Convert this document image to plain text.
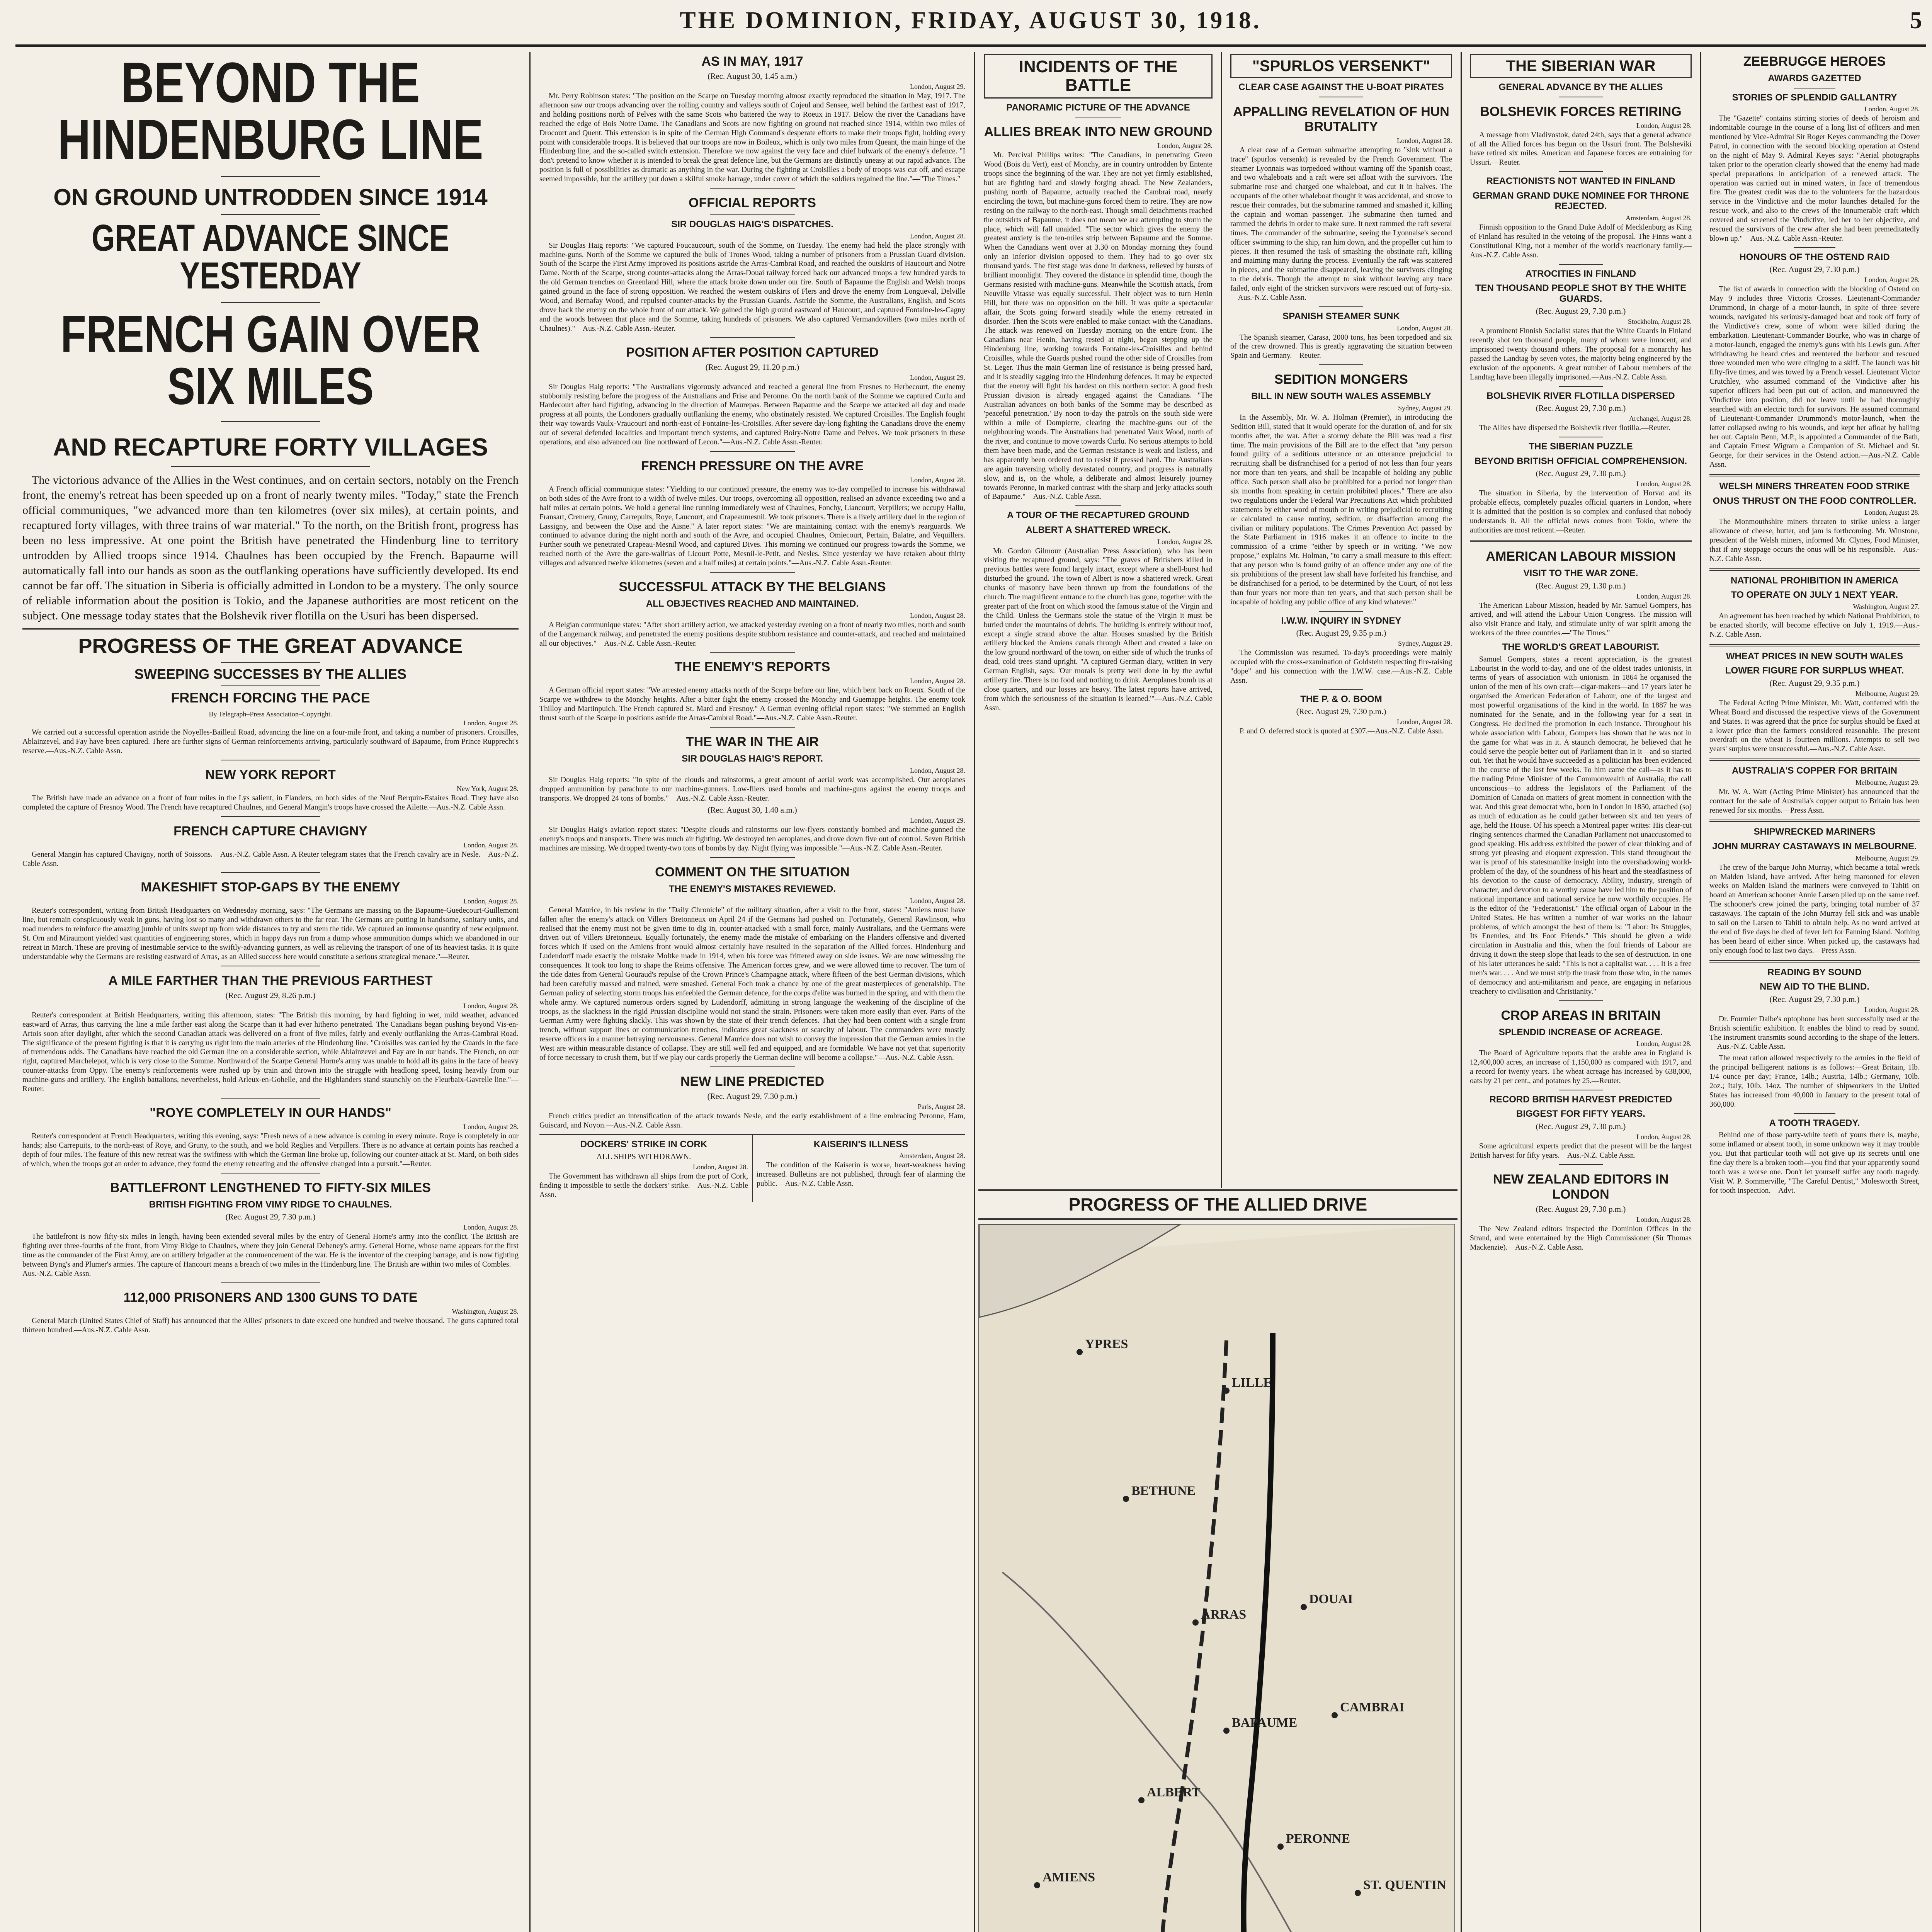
THE DOMINION, FRIDAY, AUGUST 30, 1918.	5
BEYOND THE HINDENBURG LINE
ON GROUND UNTRODDEN SINCE 1914
GREAT ADVANCE SINCE YESTERDAY
FRENCH GAIN OVER SIX MILES
AND RECAPTURE FORTY VILLAGES

The victorious advance of the Allies in the West continues, and on certain sectors, notably on the French front, the enemy's retreat has been speeded up on a front of nearly twenty miles. "Today," state the French official communiques, "we advanced more than ten kilometres (over six miles), at certain points, and recaptured forty villages, with three trains of war material." To the north, on the British front, progress has been no less impressive. At one point the British have penetrated the Hindenburg line to territory untrodden by Allied troops since 1914. Chaulnes has been occupied by the French. Bapaume will automatically fall into our hands as soon as the outflanking operations have sufficiently developed. Its end cannot be far off. The situation in Siberia is officially admitted in London to be a mystery. The only source of reliable information about the position is Tokio, and the Japanese authorities are most reticent on the subject. One message today states that the Bolshevik river flotilla on the Usuri has been dispersed.

PROGRESS OF THE GREAT ADVANCE
SWEEPING SUCCESSES BY THE ALLIES
FRENCH FORCING THE PACE
By Telegraph–Press Association–Copyright.
London, August 28.

We carried out a successful operation astride the Noyelles-Bailleul Road, advancing the line on a four-mile front, and taking a number of prisoners. Croisilles, Ablainzevel, and Fay have been captured. There are further signs of German reinforcements arriving, particularly southward of Bapaume, from Prince Rupprecht's reserve.—Aus.-N.Z. Cable Assn.

NEW YORK REPORT
New York, August 28.

The British have made an advance on a front of four miles in the Lys salient, in Flanders, on both sides of the Neuf Berquin-Estaires Road. They have also completed the capture of Fresnoy Wood. The French have recaptured Chaulnes, and General Mangin's troops have crossed the Ailette.—Aus.-N.Z. Cable Assn.

FRENCH CAPTURE CHAVIGNY
London, August 28.

General Mangin has captured Chavigny, north of Soissons.—Aus.-N.Z. Cable Assn. A Reuter telegram states that the French cavalry are in Nesle.—Aus.-N.Z. Cable Assn.

MAKESHIFT STOP-GAPS BY THE ENEMY
London, August 28.

Reuter's correspondent, writing from British Headquarters on Wednesday morning, says: "The Germans are massing on the Bapaume-Guedecourt-Guillemont line, but remain conspicuously weak in guns, having lost so many and withdrawn others to the far rear. The Germans are putting in handsome, sanitary units, and road menders to reinforce the amazing jumble of units swept up from wide distances to try and stem the tide. We captured an immense quantity of new equipment. St. Orn and Miraumont yielded vast quantities of engineering stores, which in happy days run from a dump whose ammunition dumps which we abandoned in our retreat in March. These are proving of inestimable service to the swiftly-advancing gunners, as well as relieving the transport of one of its heaviest tasks. It is quite understandable why the Germans are resisting eastward of Arras, as an Allied success here would constitute a serious strategical menace."—Reuter.

A MILE FARTHER THAN THE PREVIOUS FARTHEST
(Rec. August 29, 8.26 p.m.)
London, August 28.

Reuter's correspondent at British Headquarters, writing this afternoon, states: "The British this morning, by hard fighting in wet, mild weather, advanced eastward of Arras, thus carrying the line a mile farther east along the Scarpe than it had ever hitherto penetrated. The Canadians began pushing beyond Vis-en-Artois soon after daylight, after which the second Canadian attack was delivered on a front of five miles, fairly and evenly outflanking the Arras-Cambrai Road. The significance of the present fighting is that it is carrying us right into the main arteries of the Hindenburg line. "Croisilles was carried by the Guards in the face of tremendous odds. The Canadians have reached the old German line on a considerable section, while Ablainzevel and Fay are in our hands. The French, on our right, captured Marchelepot, which is very close to the Somme. Northward of the Scarpe General Horne's army was unable to hold all its gains in the face of heavy counter-attacks from Oppy. The enemy's reinforcements were rushed up by train and thrown into the struggle with headlong speed, losing heavily from our machine-guns and artillery. The English battalions, nevertheless, hold Arleux-en-Gohelle, and the Highlanders stand staunchly on the Fleurbaix-Gavrelle line."—Reuter.

"ROYE COMPLETELY IN OUR HANDS"
London, August 28.

Reuter's correspondent at French Headquarters, writing this evening, says: "Fresh news of a new advance is coming in every minute. Roye is completely in our hands; also Carrepuits, to the north-east of Roye, and Gruny, to the south, and we hold Reglies and Verpillers. There is no advance at certain points has reached a depth of four miles. The feature of this new retreat was the swiftness with which the German line broke up, following our counter-attack at St. Mard, on both sides of which, when the troops got an order to advance, they found the enemy retreating and the offensive changed into a pursuit."—Reuter.

BATTLEFRONT LENGTHENED TO FIFTY-SIX MILES
BRITISH FIGHTING FROM VIMY RIDGE TO CHAULNES.
(Rec. August 29, 7.30 p.m.)
London, August 28.

The battlefront is now fifty-six miles in length, having been extended several miles by the entry of General Horne's army into the conflict. The British are fighting over three-fourths of the front, from Vimy Ridge to Chaulnes, where they join General Debeney's army. General Horne, whose name appears for the first time as the commander of the First Army, are on artillery brigadier at the commencement of the war. He is the inventor of the creeping barrage, and is now fighting between Byng's and Plumer's armies. The capture of Hancourt means a breach of two miles in the Hindenburg line. The British are within two miles of Combles.—Aus.-N.Z. Cable Assn.

112,000 PRISONERS AND 1300 GUNS TO DATE
Washington, August 28.

General March (United States Chief of Staff) has announced that the Allies' prisoners to date exceed one hundred and twelve thousand. The guns captured total thirteen hundred.—Aus.-N.Z. Cable Assn.

AS IN MAY, 1917
(Rec. August 30, 1.45 a.m.)
London, August 29.

Mr. Perry Robinson states: "The position on the Scarpe on Tuesday morning almost exactly reproduced the situation in May, 1917. The afternoon saw our troops advancing over the rolling country and valleys south of Cojeul and Sensee, well behind the farthest east of 1917, and holding positions north of Pelves with the same Scots who battered the way to Roeux in 1917. Below the river the Canadians have reached the edge of Bois Notre Dame. The Canadians and Scots are now fighting on ground not reached since 1914, within two miles of Drocourt and Quent. This extension is in spite of the German High Command's desperate efforts to make their troops fight, holding every point with considerable troops. It is believed that our troops are now in Boileux, which is only two miles from Queant, the main hinge of the Hindenburg line, and the so-called switch extension. Therefore we now against the very face and chief bulwark of the enemy's defence. "I don't pretend to know whether it is intended to break the great defence line, but the Germans are distinctly uneasy at our rapid advance. The position is full of possibilities as dramatic as anything in the war. During the fighting at Croisilles a body of troops was cut off, and escape seemed impossible, but the artillery put down a skilful smoke barrage, under cover of which the soldiers regained the line."—"The Times."

OFFICIAL REPORTS
SIR DOUGLAS HAIG'S DISPATCHES.
London, August 28.

Sir Douglas Haig reports: "We captured Foucaucourt, south of the Somme, on Tuesday. The enemy had held the place strongly with machine-guns. North of the Somme we captured the bulk of Trones Wood, taking a number of prisoners from a Prussian Guard division. South of the Scarpe the First Army improved its positions astride the Arras-Cambrai Road, and reached the outskirts of Haucourt and Notre Dame. North of the Scarpe, strong counter-attacks along the Arras-Douai railway forced back our advanced troops a few hundred yards to the old German trenches on Greenland Hill, where the attack broke down under our fire. South of Bapaume the English and Welsh troops gained ground in the face of strong opposition. We reached the western outskirts of Flers and drove the enemy from Longueval, Delville Wood, and Bernafay Wood, and repulsed counter-attacks by the Prussian Guards. Astride the Somme, the Australians, English, and Scots drove back the enemy on the whole front of our attack. We gained the high ground eastward of Haucourt, and captured Fontaine-les-Cagny and the woods between that place and the Somme, taking hundreds of prisoners. We also captured Vermandovillers (two miles north of Chaulnes)."—Aus.-N.Z. Cable Assn.-Reuter.

POSITION AFTER POSITION CAPTURED
(Rec. August 29, 11.20 p.m.)
London, August 29.

Sir Douglas Haig reports: "The Australians vigorously advanced and reached a general line from Fresnes to Herbecourt, the enemy stubbornly resisting before the progress of the Australians and Frise and Peronne. On the north bank of the Somme we captured Curlu and Hardecourt after hard fighting, advancing in the direction of Maurepas. Between Bapaume and the Scarpe we attacked all day and made progress at all points, the Londoners gradually outflanking the enemy, who obstinately resisted. We captured Croisilles. The English fought their way towards Vaulx-Vraucourt and north-east of Fontaine-les-Croisilles. After severe day-long fighting the Canadians drove the enemy out of several defended localities and important trench systems, and captured Boiry-Notre Dame and Pelves. We took prisoners in these operations, and also advanced our line northward of Lecon."—Aus.-N.Z. Cable Assn.-Reuter.

FRENCH PRESSURE ON THE AVRE
London, August 28.

A French official communique states: "Yielding to our continued pressure, the enemy was to-day compelled to increase his withdrawal on both sides of the Avre front to a width of twelve miles. Our troops, overcoming all opposition, realised an advance exceeding two and a half miles at certain points. We hold a general line running immediately west of Chaulnes, Fonchy, Liancourt, Verpillers; we occupy Hallu, Fransart, Cremery, Gruny, Carrepuits, Roye, Laucourt, and Crapeaumesnil. We took prisoners. There is a lively artillery duel in the region of Lassigny, and between the Oise and the Aisne." A later report states: "We are maintaining contact with the enemy's rearguards. We continued to advance during the night north and south of the Avre, and occupied Chaulnes, Omiecourt, Pertain, Balatre, and Vequillers. Further south we penetrated Crapeau-Mesnil Wood, and captured Dives. This morning we continued our progress towards the Somme, we reached north of the Avre the gare-wallrias of Licourt Potte, Mesnil-le-Petit, and Nesles. Since yesterday we have retaken about thirty villages and advanced twelve kilometres (seven and a half miles) at certain points."—Aus.-N.Z. Cable Assn.-Reuter.

SUCCESSFUL ATTACK BY THE BELGIANS
ALL OBJECTIVES REACHED AND MAINTAINED.
London, August 28.

A Belgian communique states: "After short artillery action, we attacked yesterday evening on a front of nearly two miles, north and south of the Langemarck railway, and penetrated the enemy positions despite stubborn resistance and counter-attack, and reached and maintained all our objectives."—Aus.-N.Z. Cable Assn.-Reuter.

THE ENEMY'S REPORTS
London, August 28.

A German official report states: "We arrested enemy attacks north of the Scarpe before our line, which bent back on Roeux. South of the Scarpe we withdrew to the Monchy heights. After a bitter fight the enemy crossed the Monchy and Guemappe heights. The enemy took Thilloy and Martinpuich. The French captured St. Mard and Fresnoy." A German evening official report states: "We stemmed an English thrust south of the Scarpe in positions astride the Arras-Cambrai Road."—Aus.-N.Z. Cable Assn.-Reuter.

THE WAR IN THE AIR
SIR DOUGLAS HAIG'S REPORT.
London, August 28.

Sir Douglas Haig reports: "In spite of the clouds and rainstorms, a great amount of aerial work was accomplished. Our aeroplanes dropped ammunition by parachute to our machine-gunners. Low-fliers used bombs and machine-guns against the enemy troops and transports. We dropped 24 tons of bombs."—Aus.-N.Z. Cable Assn.-Reuter.

(Rec. August 30, 1.40 a.m.)
London, August 29.

Sir Douglas Haig's aviation report states: "Despite clouds and rainstorms our low-flyers constantly bombed and machine-gunned the enemy's troops and transports. There was much air fighting. We destroyed ten aeroplanes, and drove down five out of control. Seven British machines are missing. We dropped twenty-two tons of bombs by day. Night flying was impossible."—Aus.-N.Z. Cable Assn.-Reuter.

COMMENT ON THE SITUATION
THE ENEMY'S MISTAKES REVIEWED.
London, August 28.

General Maurice, in his review in the "Daily Chronicle" of the military situation, after a visit to the front, states: "Amiens must have fallen after the enemy's attack on Villers Bretonneux on April 24 if the Germans had pushed on. Fortunately, General Rawlinson, who realised that the enemy must not be given time to dig in, counter-attacked with a small force, mainly Australians, and the Germans were driven out of Villers Bretonneux. Equally fortunately, the enemy made the mistake of embarking on the Flanders offensive and diverted forces which if used on the Amiens front would almost certainly have resulted in the separation of the Allied forces. Hindenburg and Ludendorff made exactly the mistake Moltke made in 1914, when his force was frittered away on side issues. We are now witnessing the consequences. It took too long to shape the Reims offensive. The American forces grew, and we were allowed time to recover. The turn of the tide dates from General Gouraud's repulse of the Crown Prince's Champagne attack, where fifteen of the best German divisions, which had been carefully massed and trained, were smashed. General Foch took a chance by one of the great masterpieces of generalship. The German policy of selecting storm troops has enfeebled the German defence, for the corps d'elite was burned in the spring, and with them the whole army. We captured numerous orders signed by Ludendorff, admitting in strong language the weakening of the discipline of the troops, as the slackness in the rigid Prussian discipline would not stand the strain. Prisoners were taken more easily than ever. Parts of the German Army were fighting slackly. This was shown by the state of their trench defences. That they had been content with a single front trench, without support lines or communication trenches, indicates great slackness or scarcity of labour. The commanders were mostly reserve officers in a manner betraying nervousness. General Maurice does not wish to convey the impression that the German armies in the West are within measurable distance of collapse. They are still well fed and equipped, and are formidable. We have not yet that superiority of force necessary to crush them, but if we play our cards properly the German decline will become a collapse."—Aus.-N.Z. Cable Assn.

NEW LINE PREDICTED
(Rec. August 29, 7.30 p.m.)
Paris, August 28.

French critics predict an intensification of the attack towards Nesle, and the early establishment of a line embracing Peronne, Ham, Guiscard, and Noyon.—Aus.-N.Z. Cable Assn.

DOCKERS' STRIKE IN CORK
ALL SHIPS WITHDRAWN.
London, August 28.

The Government has withdrawn all ships from the port of Cork, finding it impossible to settle the dockers' strike.—Aus.-N.Z. Cable Assn.

KAISERIN'S ILLNESS
Amsterdam, August 28.

The condition of the Kaiserin is worse, heart-weakness having increased. Bulletins are not published, through fear of alarming the public.—Aus.-N.Z. Cable Assn.

INCIDENTS OF THE BATTLE
PANORAMIC PICTURE OF THE ADVANCE
ALLIES BREAK INTO NEW GROUND
London, August 28.

Mr. Percival Phillips writes: "The Canadians, in penetrating Green Wood (Bois du Vert), east of Monchy, are in country untrodden by Entente troops since the beginning of the war. They are not yet firmly established, but are fighting hard and slowly forging ahead. The New Zealanders, pushing north of Bapaume, actually reached the Cambrai road, nearly encircling the town, but machine-guns forced them to retire. They are now resting on the railway to the north-east. Though small detachments reached the outskirts of Bapaume, it does not mean we are attempting to storm the place, which will fall unaided. "The sector which gives the enemy the greatest anxiety is the ten-miles strip between Bapaume and the Somme. When the Canadians went over at 3.30 on Monday morning they found only an inferior division opposed to them. They had to go over six thousand yards. The first stage was done in darkness, relieved by bursts of brilliant moonlight. They covered the distance in splendid time, though the Germans resisted with machine-guns. Meanwhile the Scottish attack, from Neuville Vitasse was equally successful. Their object was to turn Henin Hill, but there was no opposition on the hill. It was quite a spectacular affair, the Scots going forward steadily while the enemy retreated in disorder. Then the Scots were enabled to make contact with the Canadians. The attack was renewed on Tuesday morning on the entire front. The Canadians near Henin, having rested at night, began stepping up the Hindenburg line, working towards Fontaine-les-Croisilles and behind Croisilles, while the Guards pushed round the other side of Croisilles from St. Leger. Thus the main German line of resistance is being pressed hard, and it is steadily sagging into the Hindenburg defences. It may be expected that the enemy will fight his hardest on this northern sector. A good fresh Prussian division is already engaged against the Canadians. "The Australian advances on both banks of the Somme may be described as 'peaceful penetration.' By noon to-day the patrols on the south side were within a mile of Dompierre, clearing the machine-guns out of the neighbouring woods. The Australians had penetrated Vaux Wood, north of the river, and continue to move towards Curlu. No serious attempts to hold them have been made, and the German resistance is weak and listless, and has apparently been ordered not to resist if pressed hard. The Australians are again traversing wholly devastated country, and progress is naturally slow, and is, on the whole, a deliberate and almost leisurely journey towards Peronne, in marked contrast with the sharp and jerky attacks south of Bapaume."—Aus.-N.Z. Cable Assn.

A TOUR OF THE RECAPTURED GROUND
ALBERT A SHATTERED WRECK.
London, August 28.

Mr. Gordon Gilmour (Australian Press Association), who has been visiting the recaptured ground, says: "The graves of Britishers killed in previous battles were found largely intact, except where a shell-burst had disturbed the ground. The town of Albert is now a shattered wreck. Great chunks of masonry have been thrown up from the foundations of the church. The magnificent entrance to the church has gone, together with the greater part of the front on which stood the famous statue of the Virgin and the Child. Unless the Germans stole the statue of the Virgin it must be buried under the mountains of debris. The building is entirely without roof, except a single strand above the altar. Houses smashed by the British artillery blocked the Amiens canals through Albert and created a lake on the low ground northward of the town, on either side of which the trunks of dead, cold trees stand upright. "A captured German diary, written in very German English, says: 'Our morals is pretty well done in by the awful artillery fire. There is no food and nothing to drink. Aeroplanes bomb us at close quarters, and our losses are heavy. The latest reports have arrived, from which the seriousness of the situation is learned.'"—Aus.-N.Z. Cable Assn.

"SPURLOS VERSENKT"
CLEAR CASE AGAINST THE U-BOAT PIRATES
APPALLING REVELATION OF HUN BRUTALITY
London, August 28.

A clear case of a German submarine attempting to "sink without a trace" (spurlos versenkt) is revealed by the French Government. The steamer Lyonnais was torpedoed without warning off the Spanish coast, and two whaleboats and a raft were set afloat with the survivors. The submarine rose and charged one whaleboat, and cut it in halves. The occupants of the other whaleboat thought it was accidental, and strove to rescue their comrades, but the submarine rammed and smashed it, killing the captain and woman passenger. The submarine then turned and rammed the debris in order to make sure. It next rammed the raft several times. The commander of the submarine, seeing the Lyonnaise's second officer swimming to the ship, ran him down, and the propeller cut him to pieces. It then resumed the task of smashing the obstinate raft, killing and maiming many during the process. Eventually the raft was scattered in pieces, and the submarine disappeared, leaving the survivors clinging to the debris. Though the attempt to sink without leaving any trace failed, only eight of the stricken survivors were rescued out of forty-six.—Aus.-N.Z. Cable Assn.

SPANISH STEAMER SUNK
London, August 28.

The Spanish steamer, Carasa, 2000 tons, has been torpedoed and six of the crew drowned. This is greatly aggravating the situation between Spain and Germany.—Reuter.

SEDITION MONGERS
BILL IN NEW SOUTH WALES ASSEMBLY
Sydney, August 29.

In the Assembly, Mr. W. A. Holman (Premier), in introducing the Sedition Bill, stated that it would operate for the duration of, and for six months after, the war. After a stormy debate the Bill was read a first time. The main provisions of the Bill are to the effect that "any person found guilty of a seditious utterance or an utterance prejudicial to recruiting shall be disfranchised for a period of not less than four years nor more than ten years, and shall be incapable of holding any public office. Such person shall also be prohibited for a period not longer than six months from speaking in certain prohibited places." There are also two regulations under the Federal War Precautions Act which prohibited statements by either word of mouth or in writing prejudicial to recruiting or calculated to cause mutiny, sedition, or disaffection among the civilian or military populations. The Crimes Prevention Act passed by the State Parliament in 1916 makes it an offence to incite to the commission of a crime "either by speech or in writing. "We now propose," explains Mr. Holman, "to carry a small measure to this effect: that any person who is found guilty of an offence under any one of the six prohibitions of the present law shall have forfeited his franchise, and be disfranchised for a period, to be determined by the Court, of not less than four years nor more than ten years, and that such person shall be incapable of holding any public office of any kind whatever."

I.W.W. INQUIRY IN SYDNEY
(Rec. August 29, 9.35 p.m.)
Sydney, August 29.

The Commission was resumed. To-day's proceedings were mainly occupied with the cross-examination of Goldstein respecting fire-raising "dope" and his connection with the I.W.W. case.—Aus.-N.Z. Cable Assn.

THE P. & O. BOOM
(Rec. August 29, 7.30 p.m.)
London, August 28.

P. and O. deferred stock is quoted at £307.—Aus.-N.Z. Cable Assn.

PROGRESS OF THE ALLIED DRIVE
YPRES
LILLE
ARRAS
DOUAI
CAMBRAI
BAPAUME
ALBERT
AMIENS
PERONNE
ST. QUENTIN
BETHUNE
THE SIBERIAN WAR
GENERAL ADVANCE BY THE ALLIES
BOLSHEVIK FORCES RETIRING
London, August 28.

A message from Vladivostok, dated 24th, says that a general advance of all the Allied forces has begun on the Ussuri front. The Bolsheviki have retired six miles. American and Japanese forces are entraining for Ussuri.—Reuter.

REACTIONISTS NOT WANTED IN FINLAND
GERMAN GRAND DUKE NOMINEE FOR THRONE REJECTED.
Amsterdam, August 28.

Finnish opposition to the Grand Duke Adolf of Mecklenburg as King of Finland has resulted in the vetoing of the proposal. The Finns want a Constitutional King, not a member of the world's reactionary family.—Aus.-N.Z. Cable Assn.

ATROCITIES IN FINLAND
TEN THOUSAND PEOPLE SHOT BY THE WHITE GUARDS.
(Rec. August 29, 7.30 p.m.)
Stockholm, August 28.

A prominent Finnish Socialist states that the White Guards in Finland recently shot ten thousand people, many of whom were innocent, and imprisoned twenty thousand others. The proposal for a monarchy has passed the Landtag by seven votes, the majority being engineered by the exclusion of the opponents. A great number of Labour members of the Landtag have been illegally imprisoned.—Aus.-N.Z. Cable Assn.

BOLSHEVIK RIVER FLOTILLA DISPERSED
(Rec. August 29, 7.30 p.m.)
Archangel, August 28.

The Allies have dispersed the Bolshevik river flotilla.—Reuter.

THE SIBERIAN PUZZLE
BEYOND BRITISH OFFICIAL COMPREHENSION.
(Rec. August 29, 7.30 p.m.)
London, August 28.

The situation in Siberia, by the intervention of Horvat and its probable effects, completely puzzles official quarters in London, where it is admitted that the position is so complex and confused that nobody understands it. All the official news comes from Tokio, where the authorities are most reticent.—Reuter.

AMERICAN LABOUR MISSION
VISIT TO THE WAR ZONE.
(Rec. August 29, 1.30 p.m.)
London, August 28.

The American Labour Mission, headed by Mr. Samuel Gompers, has arrived, and will attend the Labour Union Congress. The mission will also visit France and Italy, and stimulate unity of war spirit among the workers of the three countries.—"The Times."

THE WORLD'S GREAT LABOURIST.

Samuel Gompers, states a recent appreciation, is the greatest Labourist in the world to-day, and one of the oldest trades unionists, in terms of years of association with unionism. In 1864 he organised the union of the men of his own craft—cigar-makers—and 17 years later he organised the American Federation of Labour, one of the largest and most powerful organisations of the kind in the world. In 1887 he was nominated for the Senate, and in the following year for a seat in Congress. He declined the promotion in each instance. Throughout his whole association with Labour, Gompers has shown that he was not in the game for what was in it. A staunch democrat, he believed that he could serve the people better out of Parliament than in it—and so started out. Yet that he would have succeeded as a politician has been evidenced in the course of the last few weeks. To him came the call—as it has to the trading Prime Minister of the Commonwealth of Australia, the call unconscious—to address the legislators of the Parliament of the Dominion of Canada on matters of great moment in connection with the war. And this great democrat who, born in London in 1850, attached (so) as much of education as he could gather between six and ten years of age, held the House. Of his speech a Montreal paper writes: His clear-cut ringing sentences charmed the Canadian Parliament not unaccustomed to good speaking. His address exhibited the power of clear thinking and of strong yet pleasing and eloquent expression. This stand throughout the war is proof of his statesmanlike insight into the overshadowing world-problem of the day, of the soundness of his heart and the steadfastness of his devotion to the cause of democracy. Ability, industry, strength of character, and devotion to a worthy cause have led him to the position of national importance and national service he now worthily occupies. He is the editor of the "Federationist." The official organ of Labour in the United States. He has written a number of war works on the labour problems, of which amongst the best of them is: "Labor: Its Struggles, Its Enemies, and Its Foot Friends." This should be given a wide circulation in Australia and this, when the foul friends of Labour are driving it down the steep slope that leads to the sea of destruction. In one of his later utterances he said: "This is not a capitalist war. . . . It is a free men's war. . . . And we must strip the mask from those who, in the names of democracy and anti-militarism and peace, are engaging in nefarious treachery to civilisation and Christianity."

CROP AREAS IN BRITAIN
SPLENDID INCREASE OF ACREAGE.
London, August 28.

The Board of Agriculture reports that the arable area in England is 12,400,000 acres, an increase of 1,150,000 as compared with 1917, and a record for twenty years. The wheat acreage has increased by 638,000, oats by 21 per cent., and potatoes by 25.—Reuter.

RECORD BRITISH HARVEST PREDICTED
BIGGEST FOR FIFTY YEARS.
(Rec. August 29, 7.30 p.m.)
London, August 28.

Some agricultural experts predict that the present will be the largest British harvest for fifty years.—Aus.-N.Z. Cable Assn.

NEW ZEALAND EDITORS IN LONDON
(Rec. August 29, 7.30 p.m.)
London, August 28.

The New Zealand editors inspected the Dominion Offices in the Strand, and were entertained by the High Commissioner (Sir Thomas Mackenzie).—Aus.-N.Z. Cable Assn.

ZEEBRUGGE HEROES
AWARDS GAZETTED
STORIES OF SPLENDID GALLANTRY
London, August 28.

The "Gazette" contains stirring stories of deeds of heroism and indomitable courage in the course of a long list of officers and men mentioned by Vice-Admiral Sir Roger Keyes commanding the Dover Patrol, in connection with the second blocking operation at Ostend on the night of May 9. Admiral Keyes says: "Aerial photographs taken prior to the operation clearly showed that the enemy had made special preparations in anticipation of a renewed attack. The operation was carried out in mined waters, in face of tremendous fire. The greatest credit was due to the volunteers for the hazardous service in the Vindictive and the motor launches detailed for the rescue work, and also to the crews of the innumerable craft which covered and screened the Vindictive, led her to her objective, and rescued the survivors of the crew after she had been premeditatedly blown up."—Aus.-N.Z. Cable Assn.-Reuter.

HONOURS OF THE OSTEND RAID
(Rec. August 29, 7.30 p.m.)
London, August 28.

The list of awards in connection with the blocking of Ostend on May 9 includes three Victoria Crosses. Lieutenant-Commander Drummond, in charge of a motor-launch, in spite of three severe wounds, navigated his seriously-damaged boat and took off forty of the Vindictive's crew, some of whom were killed during the embarkation. Lieutenant-Commander Bourke, who was in charge of a motor-launch, engaged the enemy's guns with his Lewis gun. After withdrawing he heard cries and reentered the harbour and rescued three wounded men who were clinging to a skiff. The launch was hit fifty-five times, and was towed by a French vessel. Lieutenant Victor Crutchley, who assumed command of the Vindictive after his superior officers had been put out of action, and manoeuvred the Vindictive into position, did not leave until he had thoroughly searched with an electric torch for survivors. He assumed command of Lieutenant-Commander Drummond's motor-launch, when the latter collapsed owing to his wounds, and kept her afloat by bailing her out. Captain Benn, M.P., is appointed a Commander of the Bath, and Captain Ernest Wigram a Companion of St. Michael and St. George, for their services in the Ostend action.—Aus.-N.Z. Cable Assn.

WELSH MINERS THREATEN FOOD STRIKE
ONUS THRUST ON THE FOOD CONTROLLER.
London, August 28.

The Monmouthshire miners threaten to strike unless a larger allowance of cheese, butter, and jam is forthcoming. Mr. Winstone, president of the Welsh miners, informed Mr. Clynes, Food Minister, that if any stoppage occurs the onus will be his responsible.—Aus.-N.Z. Cable Assn.

NATIONAL PROHIBITION IN AMERICA
TO OPERATE ON JULY 1 NEXT YEAR.
Washington, August 27.

An agreement has been reached by which National Prohibition, to be enacted shortly, will become effective on July 1, 1919.—Aus.-N.Z. Cable Assn.

WHEAT PRICES IN NEW SOUTH WALES
LOWER FIGURE FOR SURPLUS WHEAT.
(Rec. August 29, 9.35 p.m.)
Melbourne, August 29.

The Federal Acting Prime Minister, Mr. Watt, conferred with the Wheat Board and discussed the respective views of the Government and States. It was agreed that the price for surplus should be fixed at a lower price than the farmers considered reasonable. The present overdraft on the wheat is fourteen millions. Attempts to sell two years' surplus were unsuccessful.—Aus.-N.Z. Cable Assn.

AUSTRALIA'S COPPER FOR BRITAIN
Melbourne, August 29.

Mr. W. A. Watt (Acting Prime Minister) has announced that the contract for the sale of Australia's copper output to Britain has been renewed for six months.—Press Assn.

SHIPWRECKED MARINERS
JOHN MURRAY CASTAWAYS IN MELBOURNE.
Melbourne, August 29.

The crew of the barque John Murray, which became a total wreck on Malden Island, have arrived. After being marooned for eleven weeks on Malden Island the mariners were conveyed to Tahiti on board an American schooner Annie Larsen piled up on the same reef. The schooner's crew joined the party, bringing total number of 37 castaways. The captain of the John Murray fell sick and was unable to sail on the Larsen to Tahiti to obtain help. As no word arrived at the end of five days he died of fever left for Fanning Island. Nothing has been heard of either since. When picked up, the castaways had only enough food to last two days.—Press Assn.

READING BY SOUND
NEW AID TO THE BLIND.
(Rec. August 29, 7.30 p.m.)
London, August 28.

Dr. Fournier Dalbe's optophone has been successfully used at the British scientific exhibition. It enables the blind to read by sound. The instrument transmits sound according to the shape of the letters.—Aus.-N.Z. Cable Assn.

The meat ration allowed respectively to the armies in the field of the principal belligerent nations is as follows:—Great Britain, 1lb. 1/4 ounce per day; France, 14lb.; Austria, 14lb.; Germany, 10lb. 2oz.; Italy, 10lb. 14oz. The number of shipworkers in the United States has increased from 40,000 in January to the present total of 360,000.

A TOOTH TRAGEDY.

Behind one of those party-white teeth of yours there is, maybe, some inflamed or absent tooth, in some unknown way it may trouble you. But that particular tooth will not give up its secrets until one fine day there is a broken tooth—you find that your apparently sound tooth was a worse one. Don't let yourself suffer any tooth tragedy. Visit W. P. Sommerville, "The Careful Dentist," Molesworth Street, for tooth inspection.—Advt.
